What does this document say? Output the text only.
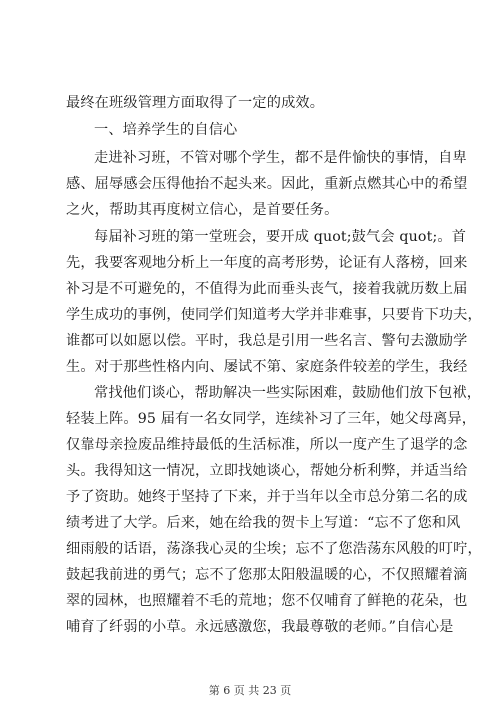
最终在班级管理方面取得了一定的成效。
一、培养学生的自信心
走进补习班，不管对哪个学生，都不是件愉快的事情，自卑
感、屈辱感会压得他抬不起头来。因此，重新点燃其心中的希望
之火，帮助其再度树立信心，是首要任务。
每届补习班的第一堂班会，要开成 quot;鼓气会 quot;。首
先，我要客观地分析上一年度的高考形势，论证有人落榜，回来
补习是不可避免的，不值得为此而垂头丧气，接着我就历数上届
学生成功的事例，使同学们知道考大学并非难事，只要肯下功夫，
谁都可以如愿以偿。平时，我总是引用一些名言、警句去激励学
生。对于那些性格内向、屡试不第、家庭条件较差的学生，我经
常找他们谈心，帮助解决一些实际困难，鼓励他们放下包袱，
轻装上阵。95 届有一名女同学，连续补习了三年，她父母离异，
仅靠母亲捡废品维持最低的生活标准，所以一度产生了退学的念
头。我得知这一情况，立即找她谈心，帮她分析利弊，并适当给
予了资助。她终于坚持了下来，并于当年以全市总分第二名的成
绩考进了大学。后来，她在给我的贺卡上写道：“忘不了您和风
细雨般的话语，荡涤我心灵的尘埃；忘不了您浩荡东风般的叮咛，
鼓起我前进的勇气；忘不了您那太阳般温暖的心，不仅照耀着滴
翠的园林，也照耀着不毛的荒地；您不仅哺育了鲜艳的花朵，也
哺育了纤弱的小草。永远感激您，我最尊敬的老师。”自信心是
第 6 页 共 23 页
